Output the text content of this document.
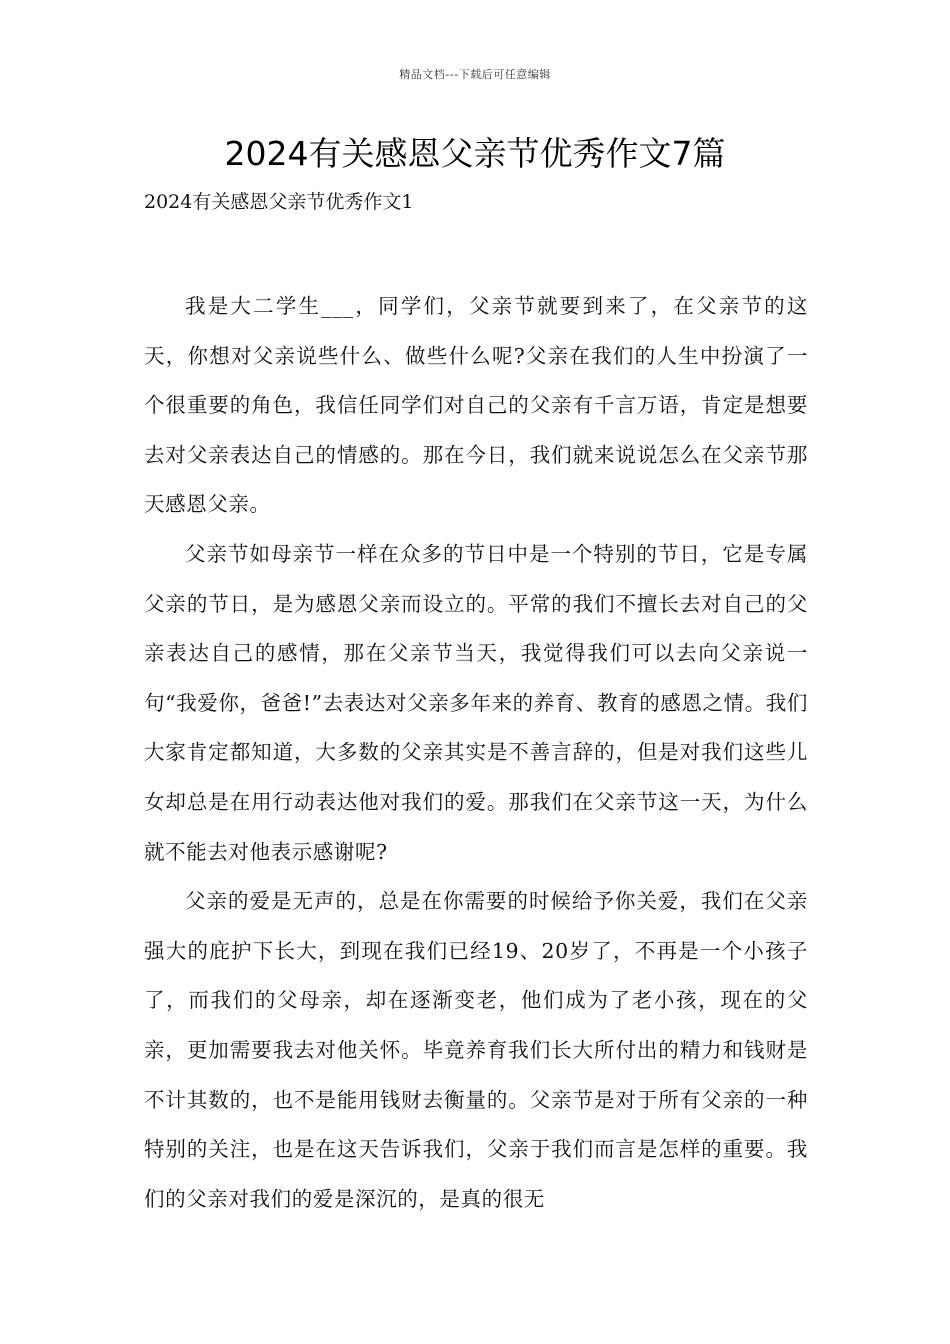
精品文档---下载后可任意编辑
2024有关感恩父亲节优秀作文7篇
2024有关感恩父亲节优秀作文1

我是大二学生___，同学们，父亲节就要到来了，在父亲节的这天，你想对父亲说些什么、做些什么呢?父亲在我们的人生中扮演了一个很重要的角色，我信任同学们对自己的父亲有千言万语，肯定是想要去对父亲表达自己的情感的。那在今日，我们就来说说怎么在父亲节那天感恩父亲。

父亲节如母亲节一样在众多的节日中是一个特别的节日，它是专属父亲的节日，是为感恩父亲而设立的。平常的我们不擅长去对自己的父亲表达自己的感情，那在父亲节当天，我觉得我们可以去向父亲说一句“我爱你，爸爸!”去表达对父亲多年来的养育、教育的感恩之情。我们大家肯定都知道，大多数的父亲其实是不善言辞的，但是对我们这些儿女却总是在用行动表达他对我们的爱。那我们在父亲节这一天，为什么就不能去对他表示感谢呢?

父亲的爱是无声的，总是在你需要的时候给予你关爱，我们在父亲强大的庇护下长大，到现在我们已经19、20岁了，不再是一个小孩子了，而我们的父母亲，却在逐渐变老，他们成为了老小孩，现在的父亲，更加需要我去对他关怀。毕竟养育我们长大所付出的精力和钱财是不计其数的，也不是能用钱财去衡量的。父亲节是对于所有父亲的一种特别的关注，也是在这天告诉我们，父亲于我们而言是怎样的重要。我们的父亲对我们的爱是深沉的，是真的很无
